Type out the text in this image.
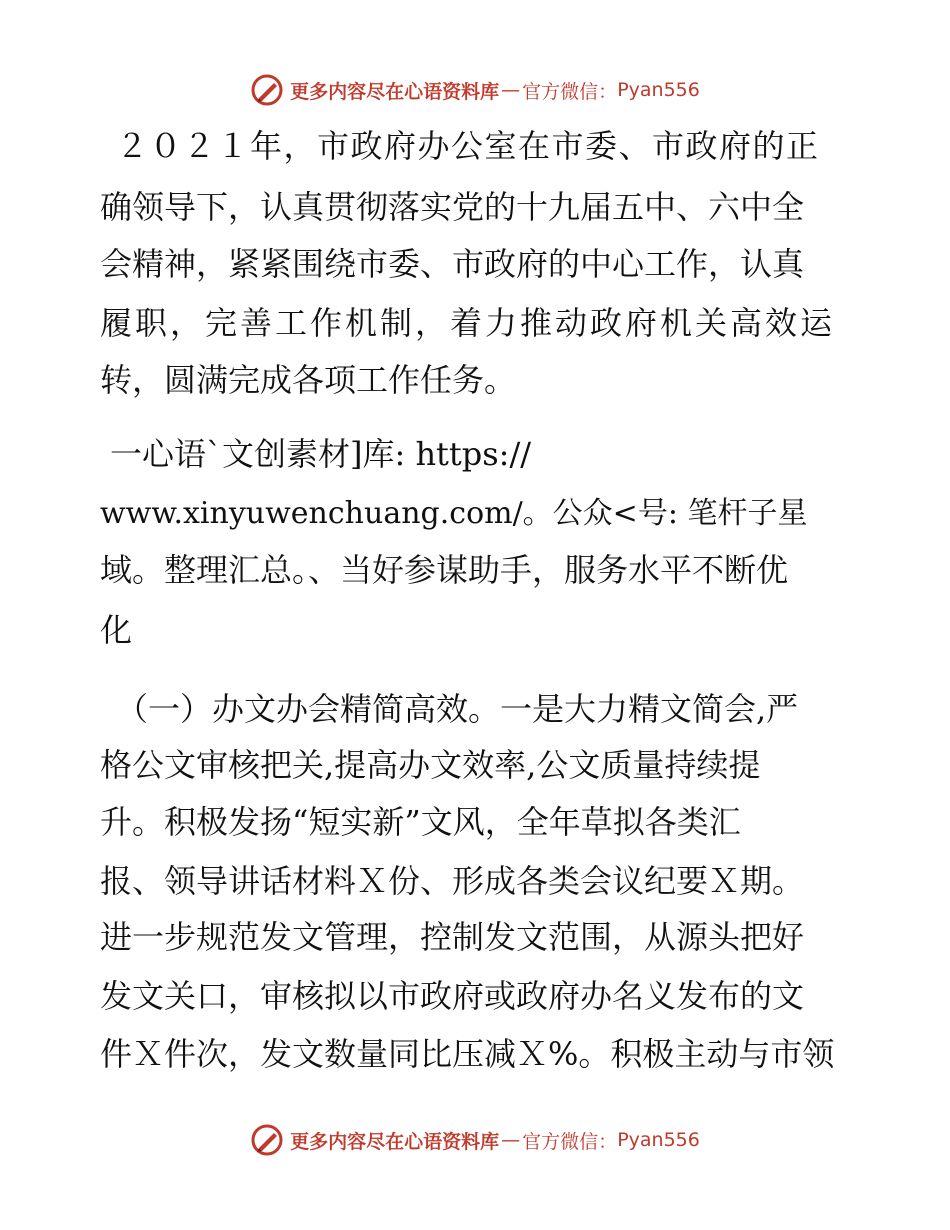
更多内容尽在心语资料库 — 官方微信： Pyan556
２０２１年，市政府办公室在市委、市政府的正
确领导下，认真贯彻落实党的十九届五中、六中全
会精神，紧紧围绕市委、市政府的中心工作，认真
履职，完善工作机制，着力推动政府机关高效运
转，圆满完成各项工作任务。
一心语`文创素材]库: https://
www.xinyuwenchuang.com/。公众<号: 笔杆子星
域。整理汇总。、当好参谋助手，服务水平不断优
化
（一）办文办会精简高效。一是大力精文简会,严
格公文审核把关,提高办文效率,公文质量持续提
升。积极发扬“短实新”文风，全年草拟各类汇
报、领导讲话材料Ｘ份、形成各类会议纪要Ｘ期。
进一步规范发文管理，控制发文范围，从源头把好
发文关口，审核拟以市政府或政府办名义发布的文
件Ｘ件次，发文数量同比压减Ｘ%。积极主动与市领
更多内容尽在心语资料库 — 官方微信： Pyan556
